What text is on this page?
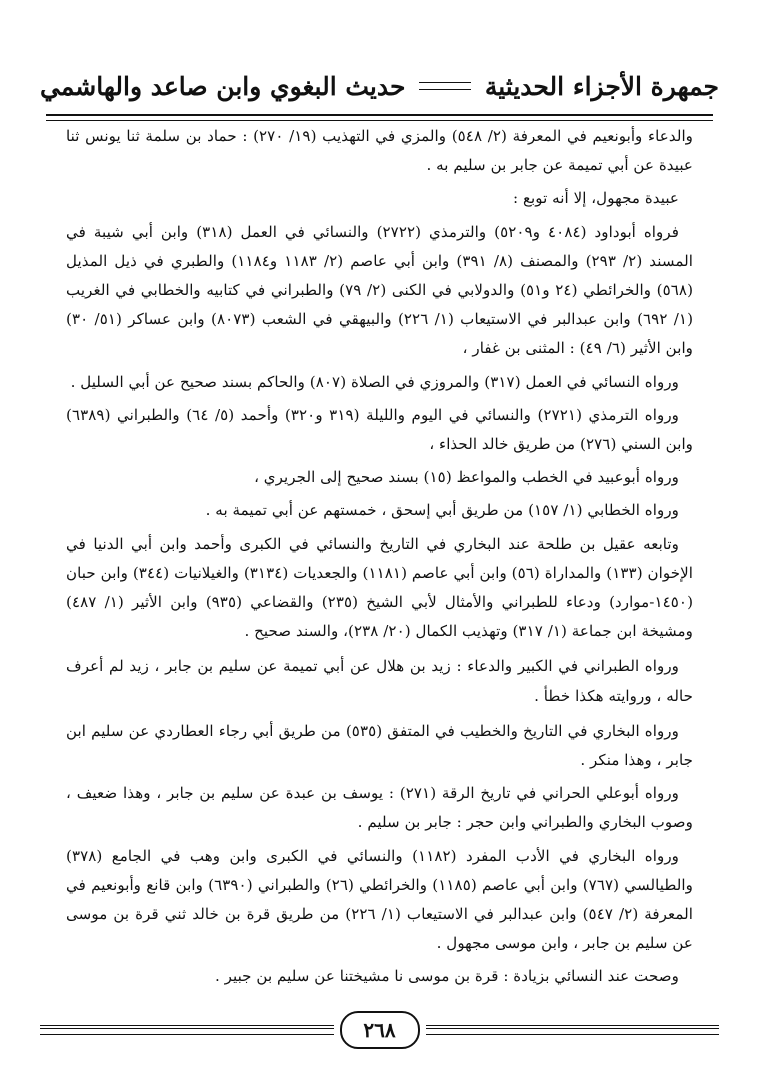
جمهرة الأجزاء الحديثية
حديث البغوي وابن صاعد والهاشمي

والدعاء وأبونعيم في المعرفة (٢/ ٥٤٨) والمزي في التهذيب (١٩/ ٢٧٠) : حماد بن سلمة ثنا يونس ثنا عبيدة عن أبي تميمة عن جابر بن سليم به .

عبيدة مجهول، إلا أنه توبع :

فرواه أبوداود (٤٠٨٤ و٥٢٠٩) والترمذي (٢٧٢٢) والنسائي في العمل (٣١٨) وابن أبي شيبة في المسند (٢/ ٢٩٣) والمصنف (٨/ ٣٩١) وابن أبي عاصم (٢/ ١١٨٣ و١١٨٤) والطبري في ذيل المذيل (٥٦٨) والخرائطي (٢٤ و٥١) والدولابي في الكنى (٢/ ٧٩) والطبراني في كتابيه والخطابي في الغريب (١/ ٦٩٢) وابن عبدالبر في الاستيعاب (١/ ٢٢٦) والبيهقي في الشعب (٨٠٧٣) وابن عساكر (٥١/ ٣٠) وابن الأثير (٦/ ٤٩) : المثنى بن غفار ،

ورواه النسائي في العمل (٣١٧) والمروزي في الصلاة (٨٠٧) والحاكم بسند صحيح عن أبي السليل .

ورواه الترمذي (٢٧٢١) والنسائي في اليوم والليلة (٣١٩ و٣٢٠) وأحمد (٥/ ٦٤) والطبراني (٦٣٨٩) وابن السني (٢٧٦) من طريق خالد الحذاء ،

ورواه أبوعبيد في الخطب والمواعظ (١٥) بسند صحيح إلى الجريري ،

ورواه الخطابي (١/ ١٥٧) من طريق أبي إسحق ، خمستهم عن أبي تميمة به .

وتابعه عقيل بن طلحة عند البخاري في التاريخ والنسائي في الكبرى وأحمد وابن أبي الدنيا في الإخوان (١٣٣) والمداراة (٥٦) وابن أبي عاصم (١١٨١) والجعديات (٣١٣٤) والغيلانيات (٣٤٤) وابن حبان (١٤٥٠-موارد) ودعاء للطبراني والأمثال لأبي الشيخ (٢٣٥) والقضاعي (٩٣٥) وابن الأثير (١/ ٤٨٧) ومشيخة ابن جماعة (١/ ٣١٧) وتهذيب الكمال (٢٠/ ٢٣٨)، والسند صحيح .

ورواه الطبراني في الكبير والدعاء : زيد بن هلال عن أبي تميمة عن سليم بن جابر ، زيد لم أعرف حاله ، وروايته هكذا خطأ .

ورواه البخاري في التاريخ والخطيب في المتفق (٥٣٥) من طريق أبي رجاء العطاردي عن سليم ابن جابر ، وهذا منكر .

ورواه أبوعلي الحراني في تاريخ الرقة (٢٧١) : يوسف بن عبدة عن سليم بن جابر ، وهذا ضعيف ، وصوب البخاري والطبراني وابن حجر : جابر بن سليم .

ورواه البخاري في الأدب المفرد (١١٨٢) والنسائي في الكبرى وابن وهب في الجامع (٣٧٨) والطيالسي (٧٦٧) وابن أبي عاصم (١١٨٥) والخرائطي (٢٦) والطبراني (٦٣٩٠) وابن قانع وأبونعيم في المعرفة (٢/ ٥٤٧) وابن عبدالبر في الاستيعاب (١/ ٢٢٦) من طريق قرة بن خالد ثني قرة بن موسى عن سليم بن جابر ، وابن موسى مجهول .

وصحت عند النسائي بزيادة : قرة بن موسى نا مشيختنا عن سليم بن جبير .

٢٦٨
